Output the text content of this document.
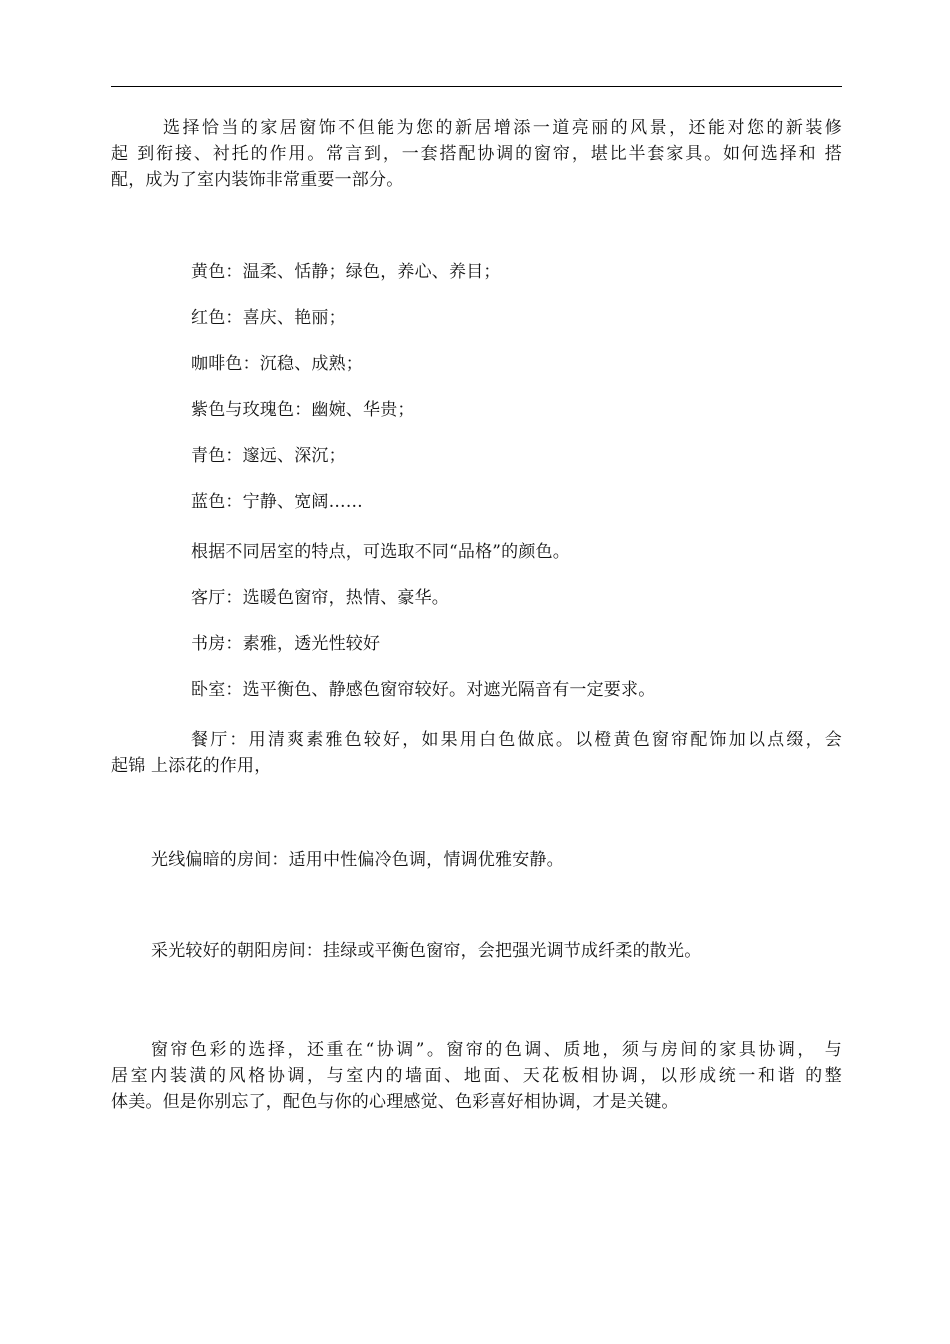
选择恰当的家居窗饰不但能为您的新居增添一道亮丽的风景，还能对您的新装修
起 到衔接、衬托的作用。常言到，一套搭配协调的窗帘，堪比半套家具。如何选择和 搭
配，成为了室内装饰非常重要一部分。

黄色：温柔、恬静；绿色，养心、养目；

红色：喜庆、艳丽；

咖啡色：沉稳、成熟；

紫色与玫瑰色：幽婉、华贵；

青色：邃远、深沉；

蓝色：宁静、宽阔……

根据不同居室的特点，可选取不同“品格”的颜色。

客厅：选暖色窗帘，热情、豪华。

书房：素雅，透光性较好

卧室：选平衡色、静感色窗帘较好。对遮光隔音有一定要求。

餐厅：用清爽素雅色较好，如果用白色做底。以橙黄色窗帘配饰加以点缀，会
起锦 上添花的作用，

光线偏暗的房间：适用中性偏冷色调，情调优雅安静。

采光较好的朝阳房间：挂绿或平衡色窗帘，会把强光调节成纤柔的散光。

窗帘色彩的选择，还重在“协调”。窗帘的色调、质地，须与房间的家具协调， 与
居室内装潢的风格协调，与室内的墙面、地面、天花板相协调，以形成统一和谐 的整
体美。但是你别忘了，配色与你的心理感觉、色彩喜好相协调，才是关键。
